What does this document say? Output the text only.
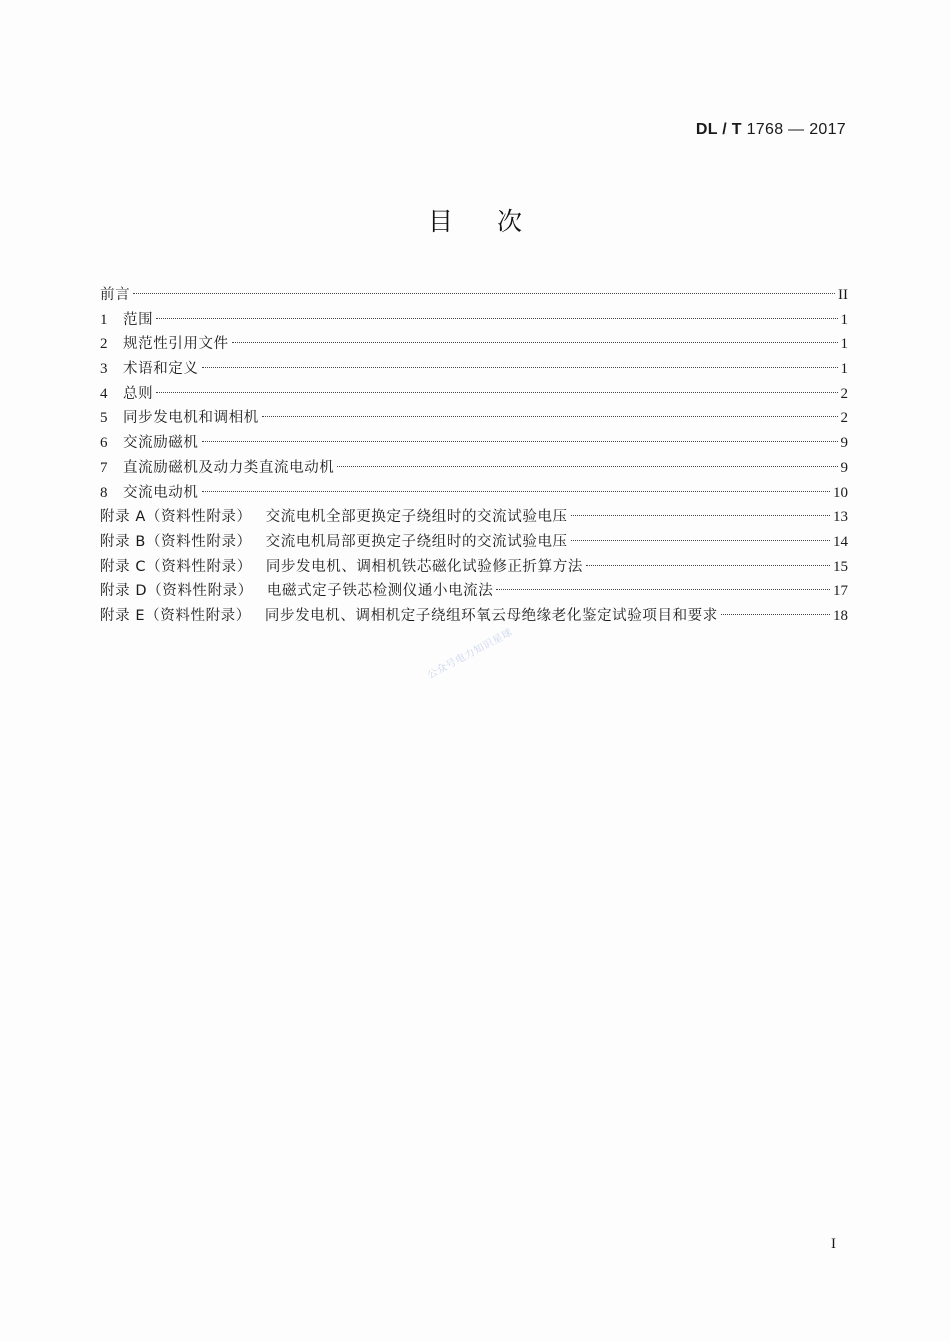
DL / T 1768 — 2017
目次
前言	II
1	范围	1
2	规范性引用文件	1
3	术语和定义	1
4	总则	2
5	同步发电机和调相机	2
6	交流励磁机	9
7	直流励磁机及动力类直流电动机	9
8	交流电动机	10
附录 A（资料性附录） 交流电机全部更换定子绕组时的交流试验电压	13
附录 B（资料性附录） 交流电机局部更换定子绕组时的交流试验电压	14
附录 C（资料性附录） 同步发电机、调相机铁芯磁化试验修正折算方法	15
附录 D（资料性附录） 电磁式定子铁芯检测仪通小电流法	17
附录 E（资料性附录） 同步发电机、调相机定子绕组环氧云母绝缘老化鉴定试验项目和要求	18
公众号电力知识星球
I
